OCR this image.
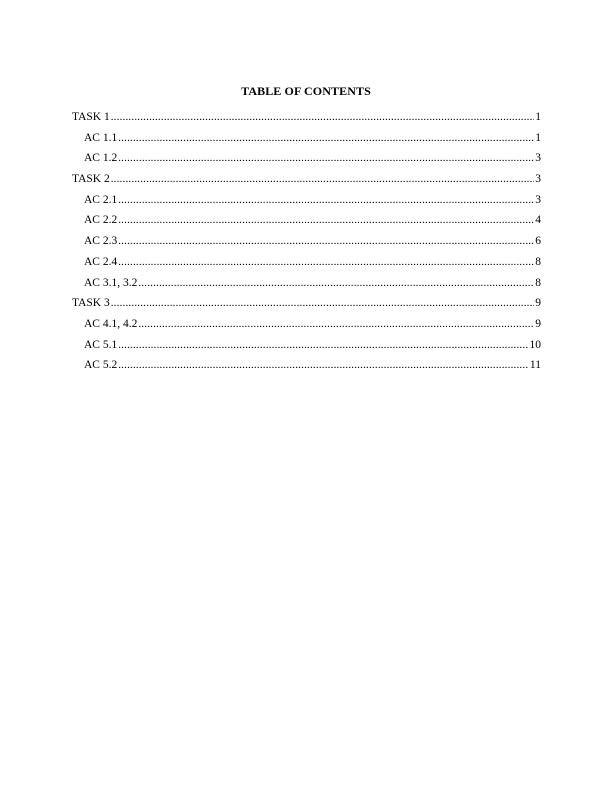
TABLE OF CONTENTS
TASK 1 .....	1
AC 1.1 .....	1
AC 1.2 .....	3
TASK 2 .....	3
AC 2.1 .....	3
AC 2.2 .....	4
AC 2.3 .....	6
AC 2.4 .....	8
AC 3.1, 3.2 .....	8
TASK 3 .....	9
AC 4.1, 4.2 .....	9
AC 5.1 .....	10
AC 5.2 .....	11
